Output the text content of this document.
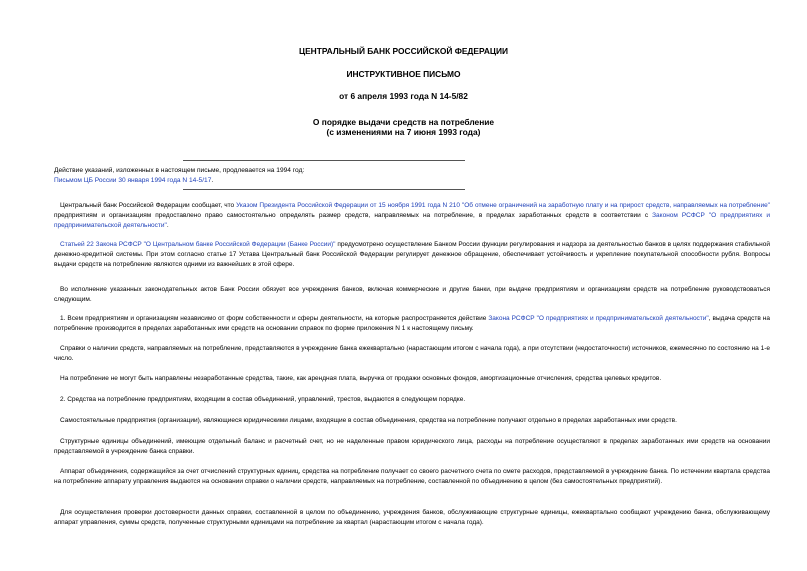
ЦЕНТРАЛЬНЫЙ БАНК РОССИЙСКОЙ ФЕДЕРАЦИИ
ИНСТРУКТИВНОЕ ПИСЬМО
от 6 апреля 1993 года N 14-5/82
О порядке выдачи средств на потребление
(с изменениями на 7 июня 1993 года)
Действие указаний, изложенных в настоящем письме, продлевается на 1994 год:
Письмом ЦБ России 30 января 1994 года N 14-5/17.
Центральный банк Российской Федерации сообщает, что Указом Президента Российской Федерации от 15 ноября 1991 года N 210 "Об отмене ограничений на заработную плату и на прирост средств, направляемых на потребление" предприятиям и организациям предоставлено право самостоятельно определять размер средств, направляемых на потребление, в пределах заработанных средств в соответствии с Законом РСФСР "О предприятиях и предпринимательской деятельности".
Статьей 22 Закона РСФСР "О Центральном банке Российской Федерации (Банке России)" предусмотрено осуществление Банком России функции регулирования и надзора за деятельностью банков в целях поддержания стабильной денежно-кредитной системы. При этом согласно статье 17 Устава Центральный банк Российской Федерации регулирует денежное обращение, обеспечивает устойчивость и укрепление покупательной способности рубля. Вопросы выдачи средств на потребление являются одними из важнейших в этой сфере.
Во исполнение указанных законодательных актов Банк России обязует все учреждения банков, включая коммерческие и другие банки, при выдаче предприятиям и организациям средств на потребление руководствоваться следующим.
1. Всем предприятиям и организациям независимо от форм собственности и сферы деятельности, на которые распространяется действие Закона РСФСР "О предприятиях и предпринимательской деятельности", выдача средств на потребление производится в пределах заработанных ими средств на основании справок по форме приложения N 1 к настоящему письму.
Справки о наличии средств, направляемых на потребление, представляются в учреждение банка ежеквартально (нарастающим итогом с начала года), а при отсутствии (недостаточности) источников, ежемесячно по состоянию на 1-е число.
На потребление не могут быть направлены незаработанные средства, такие, как арендная плата, выручка от продажи основных фондов, амортизационные отчисления, средства целевых кредитов.
2. Средства на потребление предприятиям, входящим в состав объединений, управлений, трестов, выдаются в следующем порядке.
Самостоятельные предприятия (организации), являющиеся юридическими лицами, входящие в состав объединения, средства на потребление получают отдельно в пределах заработанных ими средств.
Структурные единицы объединений, имеющие отдельный баланс и расчетный счет, но не наделенные правом юридического лица, расходы на потребление осуществляют в пределах заработанных ими средств на основании представляемой в учреждение банка справки.
Аппарат объединения, содержащийся за счет отчислений структурных единиц, средства на потребление получает со своего расчетного счета по смете расходов, представляемой в учреждение банка. По истечении квартала средства на потребление аппарату управления выдаются на основании справки о наличии средств, направляемых на потребление, составленной по объединению в целом (без самостоятельных предприятий).
Для осуществления проверки достоверности данных справки, составленной в целом по объединению, учреждения банков, обслуживающие структурные единицы, ежеквартально сообщают учреждению банка, обслуживающему аппарат управления, суммы средств, полученные структурными единицами на потребление за квартал (нарастающим итогом с начала года).
